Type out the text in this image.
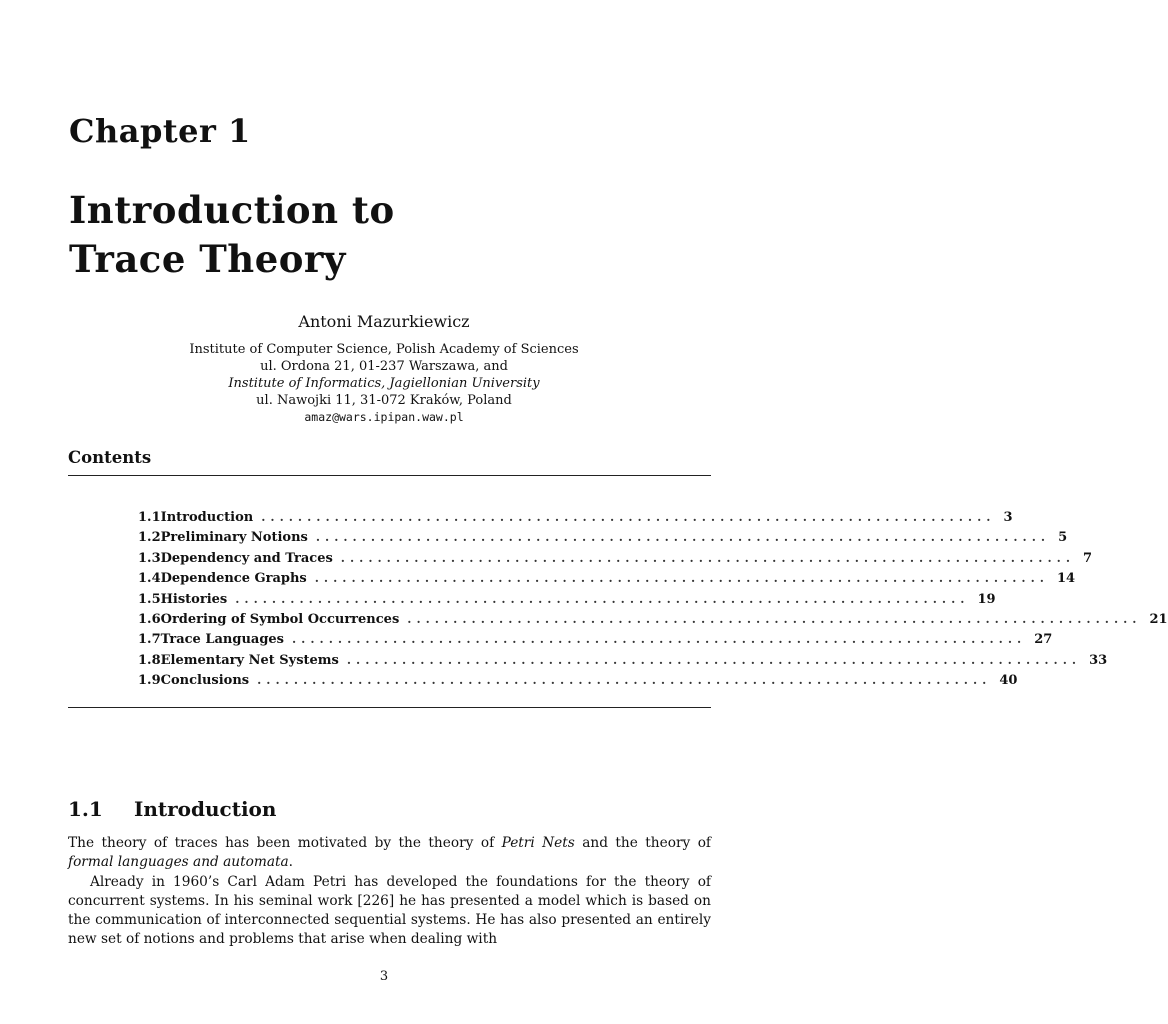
Chapter 1
Introduction to
Trace Theory
Antoni Mazurkiewicz
Institute of Computer Science, Polish Academy of Sciences
ul. Ordona 21, 01-237 Warszawa, and
Institute of Informatics, Jagiellonian University
ul. Nawojki 11, 31-072 Kraków, Poland
amaz@wars.ipipan.waw.pl
Contents
1.1 Introduction ................................................................................ 3
1.2 Preliminary Notions ................................................................................ 5
1.3 Dependency and Traces ................................................................................ 7
1.4 Dependence Graphs ................................................................................ 14
1.5 Histories ................................................................................ 19
1.6 Ordering of Symbol Occurrences ................................................................................ 21
1.7 Trace Languages ................................................................................ 27
1.8 Elementary Net Systems ................................................................................ 33
1.9 Conclusions ................................................................................ 40
1.1 Introduction

The theory of traces has been motivated by the theory of Petri Nets and the theory of formal languages and automata.

Already in 1960’s Carl Adam Petri has developed the foundations for the theory of concurrent systems. In his seminal work [226] he has presented a model which is based on the communication of interconnected sequential systems. He has also presented an entirely new set of notions and problems that arise when dealing with

3
